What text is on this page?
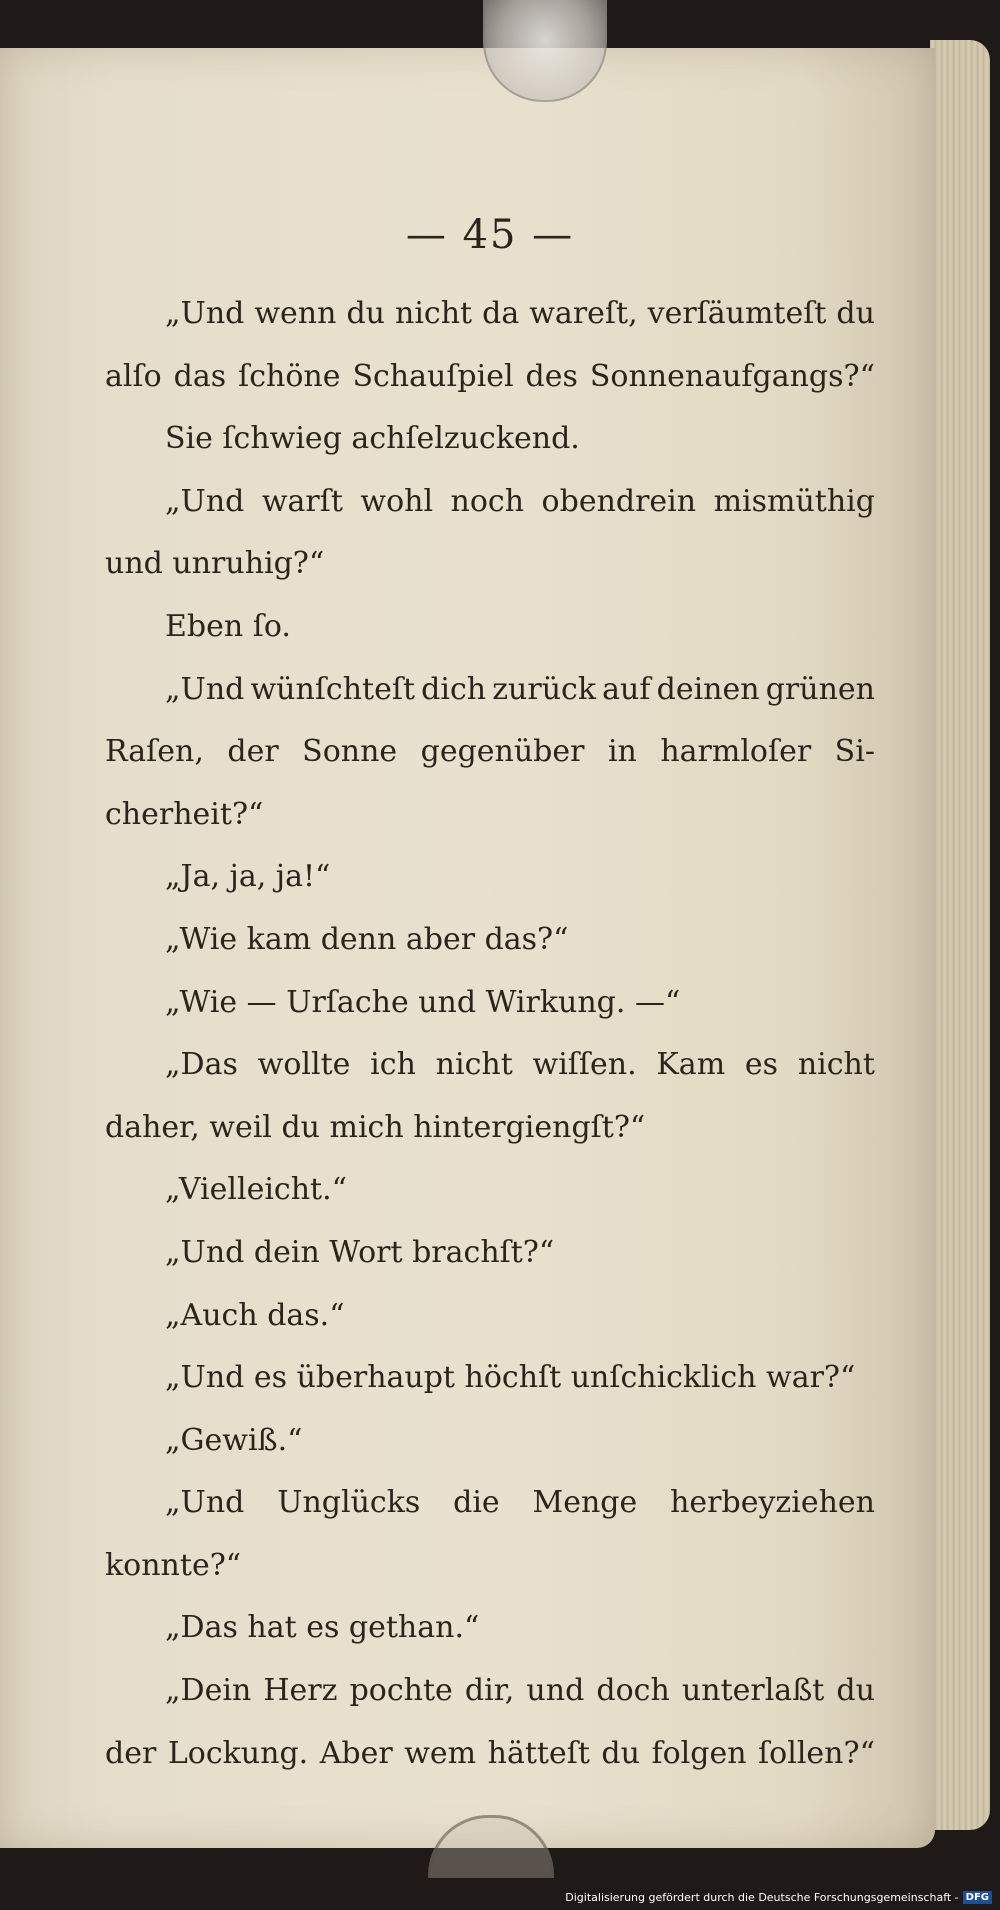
— 45 —
„Und wenn du nicht da wareſt, verſäumteſt du
alſo das ſchöne Schauſpiel des Sonnenaufgangs?“
Sie ſchwieg achſelzuckend.
„Und warſt wohl noch obendrein mismüthig
und unruhig?“
Eben ſo.
„Und wünſchteſt dich zurück auf deinen grünen
Raſen, der Sonne gegenüber in harmloſer Si-
cherheit?“
„Ja, ja, ja!“
„Wie kam denn aber das?“
„Wie — Urſache und Wirkung. —“
„Das wollte ich nicht wiſſen. Kam es nicht
daher, weil du mich hintergiengſt?“
„Vielleicht.“
„Und dein Wort brachſt?“
„Auch das.“
„Und es überhaupt höchſt unſchicklich war?“
„Gewiß.“
„Und Unglücks die Menge herbeyziehen
konnte?“
„Das hat es gethan.“
„Dein Herz pochte dir, und doch unterlaßt du
der Lockung. Aber wem hätteſt du folgen ſollen?“
Digitalisierung gefördert durch die Deutsche Forschungsgemeinschaft - DFG
